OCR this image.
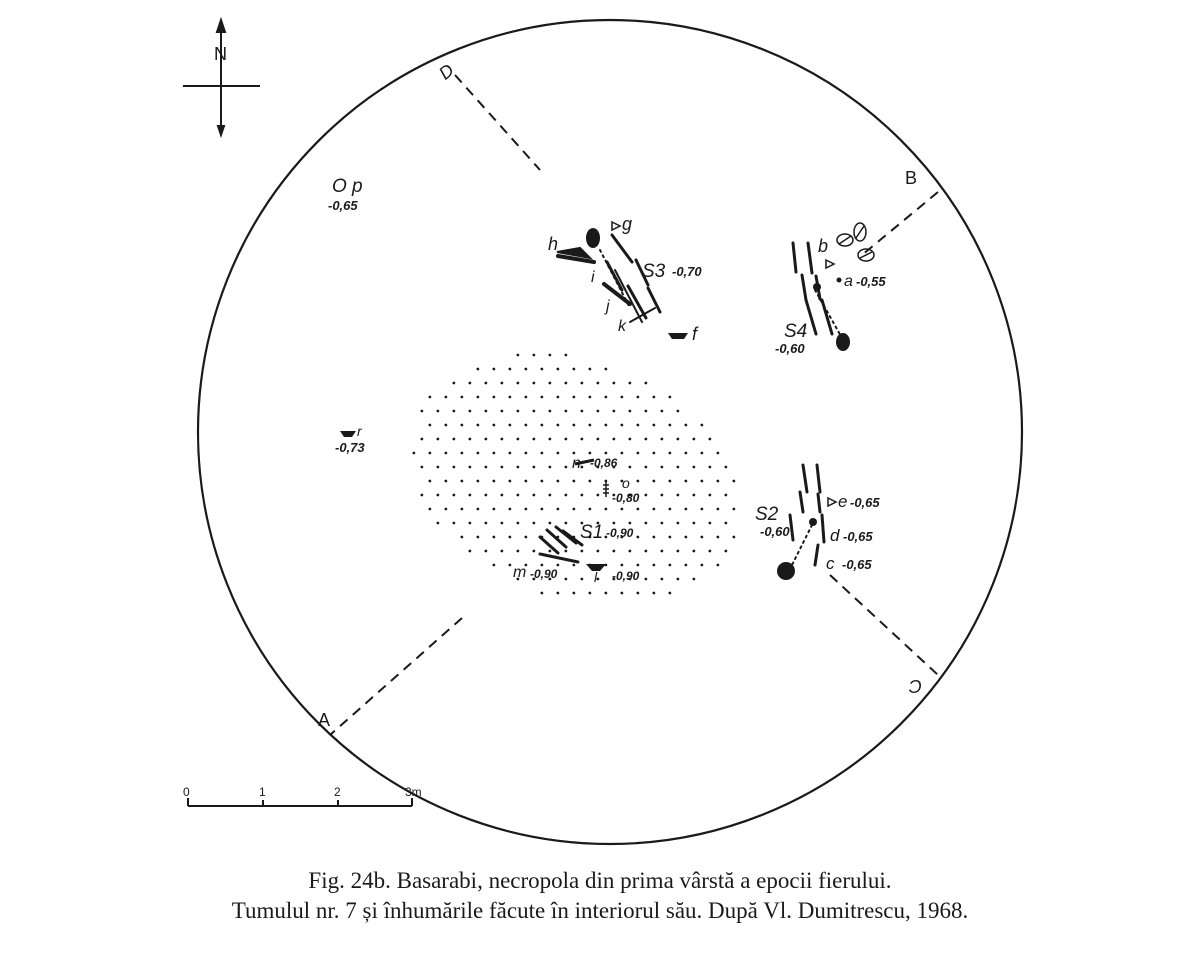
N
D
B
C
A
h
g
i
j
k
S3 -0,70
f
b
a -0,55
S4
-0,60
O p
-0,65
r
-0,73
n -0,86
o
-0,80
S1 -0,90
m -0,90	l -0,90
e -0,65
d -0,65
c -0,65
S2
-0,60
0	1	2	3m
Fig. 24b. Basarabi, necropola din prima vârstă a epocii fierului.
Tumulul nr. 7 și înhumările făcute în interiorul său. După Vl. Dumitrescu, 1968.
